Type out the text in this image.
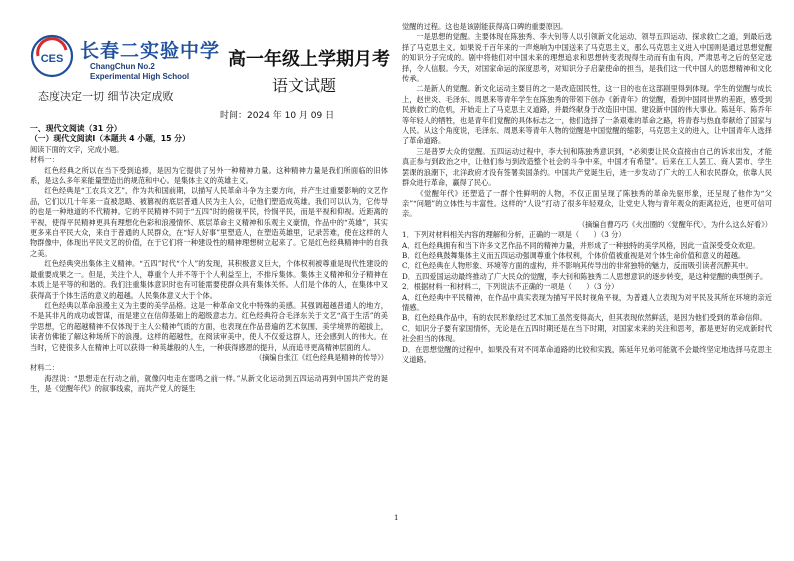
CES 长春二实验中学
ChangChun No.2
Experimental High School
态度决定一切 细节决定成败
高一年级上学期月考
语文试题
时间：2024 年 10 月 09 日

一、现代文阅读（31 分）

（一）现代文阅读Ⅰ（本题共 4 小题，15 分）

阅读下面的文字，完成小题。

材料一：

红色经典之所以在当下受到追捧，是因为它提供了另外一种精神力量。这种精神力量是我们所面临的旧体系，是这么多年来能量塑造出的规范和中心。是集体主义的英雄主义。

红色经典是“工农兵文艺”，作为共和国前期，以描写人民革命斗争为主要方向，并产生过重要影响的文艺作品，它们以几十年来一直被忽略、被篡视的底层普通人民为主人公，记他们塑造成英雄。我们可以认为，它传导的也是一种地道的不代精神。它的平民精神不同于“五四”时的俯视平民，怜悯平民，而是平视和仰视。近距离的平视，使得平民精神更具有理想化色彩和浪漫情怀、底层革命主义精神和乐观主义豪情，作品中的“英雄”，其实更多来自平民大众，来自于普通的人民群众，在“好人好事”里塑造人，在塑造英雄里，记录苦难，使在这样的人物群像中，体现出平民文艺的价值，在于它们将一种建设性的精神理想树立起来了。它是红色经典精神中的自我之美。

红色经典突出集体主义精神。“五四”时代“个人”的发现，其积极意义巨大，个体权利被尊重是现代性建设的最重要成果之一。但是，关注个人，尊重个人并不等于个人利益至上，不排斥集体。集体主义精神和分子精神在本质上是平等的和谐的。我们注重集体意识时也有可能需要使群众具有集体关怀。人们是个体的人，在集体中又获得高于个体生活的意义的超越。人民集体意义大于个体。

红色经典以革命浪漫主义为主要的美学品格。这是一种革命文化中特殊的美感。其强调超越普通人的地方，不是其非凡的成功或智谋，而是建立在信仰基础上的超级意志力。红色经典符合毛泽东关于文艺“高于生活”的美学思想，它的超越精神不仅体现于主人公精神气质的方面，也表现在作品普遍的艺术氛围、美学境界的超拔上，读者仿佛能了解这种场所下的浪漫。这样的超越性，在阅读审美中，使人不仅爱这群人，还会感到人的伟大。在当时，它使很多人在精神上可以获得一种英雄般的人生，一种获得感恩的提升，从而追寻更高精神层面的人。

（摘编自张江《红色经典是精神的传导》）

材料二：

海涅说：“思想走在行动之前，就像闪电走在雷鸣之前一样。”从新文化运动到五四运动再到中国共产党的诞生，是《觉醒年代》的叙事线索，而共产党人的诞生

觉醒的过程。这也是该剧能获得高口碑的重要原因。

一是思想的觉醒。主要体现在陈独秀、李大钊等人以引领新文化运动、领导五四运动、探求救亡之道，到最后选择了马克思主义。如果说千百年来的一声炮响为中国送来了马克思主义，那么马克思主义进入中国则是通过思想觉醒的知识分子完成的。剧中将他们对中国未来的理想追求和思想转变表现得生动而有血有肉，严肃思考之后的坚定选择，令人信服。今天，对国家命运的深度思考，对知识分子启蒙使命的担当，是我们这一代中国人的思想精神和文化传承。

二是新人的觉醒。新文化运动主要目的之一是改造国民性，这一目的也在这部剧里得到体现。学生的觉醒与成长上，赵世炎、毛泽东、周恩来等青年学生在陈独秀的带领下创办《新青年》的觉醒，看到中国同世界的差距，感受到民族救亡的危机，开始走上了马克思主义道路，并最终献身于改造旧中国、建设新中国的伟大事业。陈延年、陈乔年等年轻人的牺牲，也是青年们觉醒的具体标志之一，他们选择了一条艰难的革命之路，将青春与热血奉献给了国家与人民。从这个角度说，毛泽东、周恩来等青年人物的觉醒是中国觉醒的缩影，马克思主义的进入，让中国青年人选择了革命道路。

三是普罗大众的觉醒。五四运动过程中，李大钊和陈独秀意识到，“必须要让民众直接由自己的诉求出发，才能真正参与到政治之中，让他们参与到改造整个社会的斗争中来，中国才有希望”。后来在工人罢工、商人罢市、学生罢课的浪潮下，北洋政府才没有签署卖国条约。中国共产党诞生后，进一步发动了广大的工人和农民群众，依靠人民群众进行革命，赢得了民心。

《觉醒年代》还塑造了一群个性鲜明的人物，不仅正面呈现了陈独秀的革命先驱形象，还呈现了他作为“父亲”“问题”的立体性与丰富性。这样的“人设”打动了很多年轻观众，让党史人物与青年观众的距离拉近，也更可信可亲。

（摘编自曹巧巧《火出圈的〈觉醒年代〉，为什么这么好看》）

1．下列对材料相关内容的理解和分析，正确的一项是（　　）（3 分）

A．红色经典拥有和当下许多文艺作品不同的精神力量，并形成了一种独特的美学风格，因此一直深受受众欢迎。

B．红色经典鼓舞集体主义而五四运动强调尊重个体权利，个体价值被重视是对个体生命价值和意义的超越。

C．红色经典在人物形象、环境等方面的虚构，并不影响其传导出的非常独特的魅力，反而吸引读者沉醉其中。

D．五四爱国运动最终推动了广大民众的觉醒，李大钊和陈独秀二人思想意识的逐步转变，是这种觉醒的典型例子。

2．根据材料一和材料二，下列说法不正确的一项是（　　）（3 分）

A．红色经典中平民精神，在作品中真实表现为描写平民时视角平视，为普通人立表现为对平民及其所在环境的亲近情感。

B．红色经典作品中，有的农民形象经过艺术加工虽然变得高大，但其表现依然鲜活，是因为他们受到的革命信仰。

C．知识分子要有家国情怀，无论是在五四时期还是在当下时期，对国家未来的关注和思考，都是更好的完成新时代社会担当的体现。

D．在思想觉醒的过程中，如果没有对不同革命道路的比较和实践，陈延年兄弟可能就不会最终坚定地选择马克思主义道路。

1
